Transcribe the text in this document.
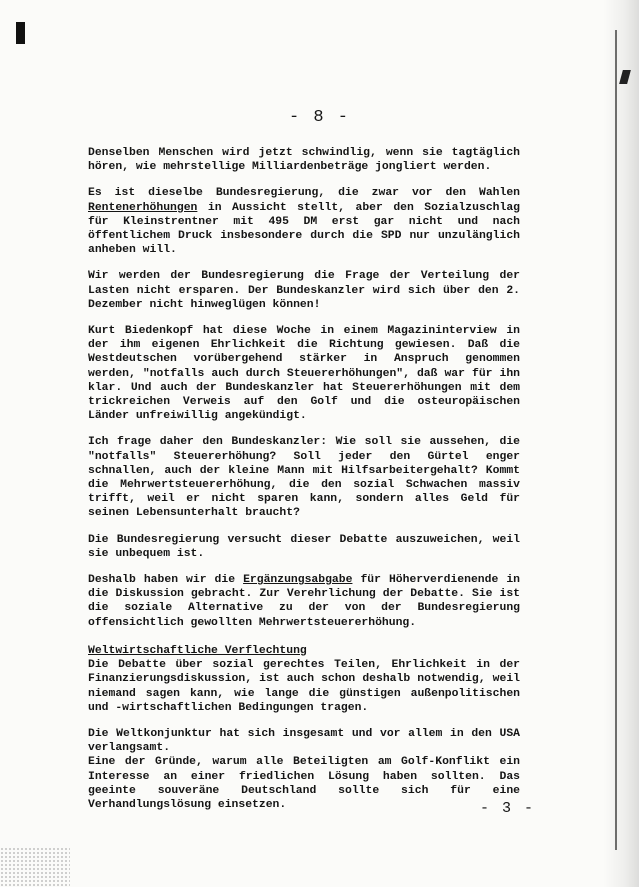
- 8 -

Denselben Menschen wird jetzt schwindlig, wenn sie tagtäglich hören, wie mehrstellige Milliardenbeträge jongliert werden.

Es ist dieselbe Bundesregierung, die zwar vor den Wahlen Rentenerhöhungen in Aussicht stellt, aber den Sozialzuschlag für Kleinstrentner mit 495 DM erst gar nicht und nach öffentlichem Druck insbesondere durch die SPD nur unzulänglich anheben will.

Wir werden der Bundesregierung die Frage der Verteilung der Lasten nicht ersparen. Der Bundeskanzler wird sich über den 2. Dezember nicht hinweglügen können!

Kurt Biedenkopf hat diese Woche in einem Magazininterview in der ihm eigenen Ehrlichkeit die Richtung gewiesen. Daß die Westdeutschen vorübergehend stärker in Anspruch genommen werden, "notfalls auch durch Steuererhöhungen", daß war für ihn klar. Und auch der Bundeskanzler hat Steuererhöhungen mit dem trickreichen Verweis auf den Golf und die osteuropäischen Länder unfreiwillig angekündigt.

Ich frage daher den Bundeskanzler: Wie soll sie aussehen, die "notfalls" Steuererhöhung? Soll jeder den Gürtel enger schnallen, auch der kleine Mann mit Hilfsarbeitergehalt? Kommt die Mehrwertsteuererhöhung, die den sozial Schwachen massiv trifft, weil er nicht sparen kann, sondern alles Geld für seinen Lebensunterhalt braucht?

Die Bundesregierung versucht dieser Debatte auszuweichen, weil sie unbequem ist.

Deshalb haben wir die Ergänzungsabgabe für Höherverdienende in die Diskussion gebracht. Zur Verehrlichung der Debatte. Sie ist die soziale Alternative zu der von der Bundesregierung offensichtlich gewollten Mehrwertsteuererhöhung.

Weltwirtschaftliche Verflechtung

Die Debatte über sozial gerechtes Teilen, Ehrlichkeit in der Finanzierungsdiskussion, ist auch schon deshalb notwendig, weil niemand sagen kann, wie lange die günstigen außenpolitischen und -wirtschaftlichen Bedingungen tragen.

Die Weltkonjunktur hat sich insgesamt und vor allem in den USA verlangsamt.

Eine der Gründe, warum alle Beteiligten am Golf-Konflikt ein Interesse an einer friedlichen Lösung haben sollten. Das geeinte souveräne Deutschland sollte sich für eine Verhandlungslösung einsetzen.	- 3 -
